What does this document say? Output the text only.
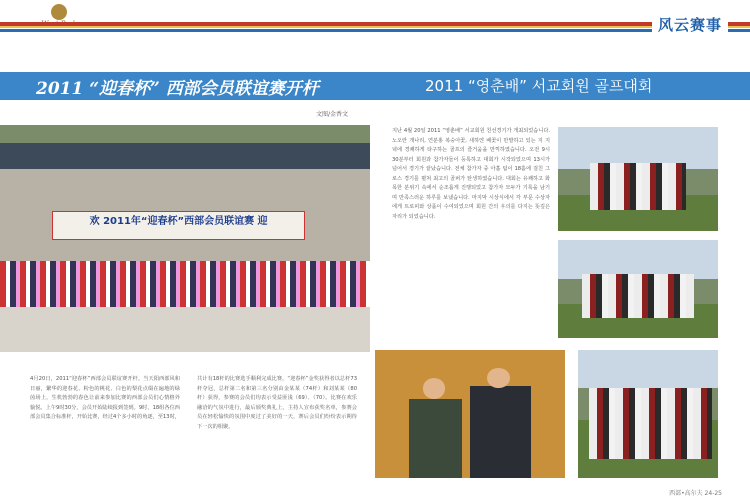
风云赛事
2011 “迎春杯” 西部会员联谊赛开杆	2011 “영춘배” 서교회원 골프대회
文图/金香文
欢 2011年“迎春杯”西部会员联谊赛 迎
지난 4월 20일 2011 “영춘배” 서교회원 친선경기가 개최되었습니다. 노오란 개나리, 연분홍 복숭아꽃, 새하얀 배꽃이 만발하고 있는 지 지녘에 경쾌하게 타구하는 골프의 즐거움을 만끽하였습니다. 오전 9시 30분부터 회원과 참가자들이 등록하고 대회가 시작되었으며 13시가 넘어서 경기가 끝났습니다. 전체 참가자 중 아홉 팀이 18홀에 걸친 그로스 경기를 펼쳐 최고의 골퍼가 탄생하였습니다. 대회는 유쾌하고 화목한 분위기 속에서 순조롭게 진행되었고 참가자 모두가 기록을 남기며 만족스러운 하루를 보냈습니다. 마지막 시상식에서 각 부문 수상자에게 트로피와 상품이 수여되었으며 회원 간의 우의를 다지는 뜻깊은 자리가 되었습니다.
4月20日，2011“迎春杯”西部会员联谊赛开杆。当天阳西部风和日丽，繁华的迎春花、粉色的桃花、白色的梨花点缀在遍地的绿茵场上，生机勃勃的春色让前来参加比赛的西部会员们心情格外愉悦。上午9时30分，会员开始陆续报到签到。9时，18组各位西部会员集合标准杆，开始比赛，经过4个多小时的角逐，至13时，
共计有18杆的比赛选手顺利完成比赛。“迎春杯”金奖获得者以总杆73杆夺冠，总杆第二名和第三名分别由金某某（74杆）和刘某某（80杆）获得，参赛的会员们均表示受益匪浅（69）、（70）。比赛在欢乐融洽的气氛中进行，最后颁奖典礼上，主持人宣布获奖名单，参赛会员在轻松愉快的氛围中度过了美好的一天，赛后会员们纷纷表示期待下一次的相聚。
西部•高尔夫 24-25
